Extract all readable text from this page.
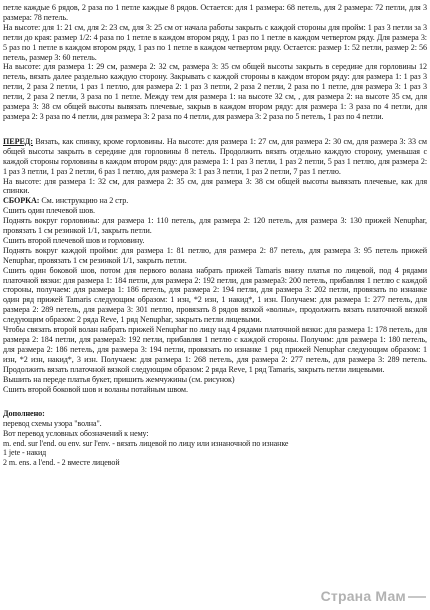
петле каждые 6 рядов, 2 раза по 1 петле каждые 8 рядов. Остается: для 1 размера: 68 петель, для 2 размера: 72 петли, для 3 размера: 78 петель.

На высоте: для 1: 21 см, для 2: 23 см, для 3: 25 см от начала работы закрыть с каждой стороны для пройм: 1 раз 3 петли за 3 петли до края: размер 1/2: 4 раза по 1 петле в каждом втором ряду, 1 раз по 1 петле в каждом четвертом ряду. Для размера 3: 5 раз по 1 петле в каждом втором ряду, 1 раз по 1 петле в каждом четвертом ряду. Остается: размер 1: 52 петли, размер 2: 56 петель, размер 3: 60 петель.

На высоте: для размера 1: 29 см, размера 2: 32 см, размера 3: 35 см общей высоты закрыть в середине для горловины 12 петель, вязать далее раздельно каждую сторону. Закрывать с каждой стороны в каждом втором ряду: для размера 1: 1 раз 3 петли, 2 раза 2 петли, 1 раз 1 петлю, для размера 2: 1 раз 3 петли, 2 раза 2 петли, 2 раза по 1 петле, для размера 3: 1 раз 3 петли, 2 раза 2 петли, 3 раза по 1 петле. Между тем для размера 1: на высоте 32 см, , для размера 2: на высоте 35 см, для размера 3: 38 см общей высоты вывязать плечевые, закрыв в каждом втором ряду: для размера 1: 3 раза по 4 петли, для размера 2: 3 раза по 4 петли, для размера 3: 2 раза по 4 петли, для размера 3: 2 раза по 5 петель, 1 раз по 4 петли.

ПЕРЕД: Вязать, как спинку, кроме горловины. На высоте: для размера 1: 27 см, для размера 2: 30 см, для размера 3: 33 см общей высоты закрыть в середине для горловины 8 петель. Продолжить вязать отдельно каждую сторону, уменьшая с каждой стороны горловины в каждом втором ряду: для размера 1: 1 раз 3 петли, 1 раз 2 петли, 5 раз 1 петлю, для размера 2: 1 раз 3 петли, 1 раз 2 петли, 6 раз 1 петлю, для размера 3: 1 раз 3 петли, 1 раз 2 петли, 7 раз 1 петлю.

На высоте: для размера 1: 32 см, для размера 2: 35 см, для размера 3: 38 см общей высоты вывязать плечевые, как для спинки.

СБОРКА: См. инструкцию на 2 стр.

Сшить один плечевой шов.

Поднять вокруг горловины: для размера 1: 110 петель, для размера 2: 120 петель, для размера 3: 130 прижей Nenuphar, провязать 1 см резинкой 1/1, закрыть петли.

Сшить второй плечевой шов и горловину.

Поднять вокруг каждой пройми: для размера 1: 81 петлю, для размера 2: 87 петель, для размера 3: 95 петель прижей Nenuphar, провязать 1 см резинкой 1/1, закрыть петли.

Сшить один боковой шов, потом для первого волана набрать прижей Tamaris внизу платья по лицевой, под 4 рядами платочной вязки: для размера 1: 184 петли, для размера 2: 192 петли, для размера3: 200 петель, прибавляя 1 петлю с каждой стороны, получаем: для размера 1: 186 петель, для размера 2: 194 петли, для размера 3: 202 петли, провязать по изнанке один ряд прижей Tamaris следующим образом: 1 изн, *2 изн, 1 накид*, 1 изн. Получаем: для размера 1: 277 петель, для размера 2: 289 петель, для размера 3: 301 петлю, провязать 8 рядов вязкой «волны», продолжить вязать платочной вязкой следующим образом: 2 ряда Reve, 1 ряд Nenuphar, закрыть петли лицевыми.

Чтобы связать второй волан набрать прижей Nenuphar по лицу над 4 рядами платочной вязки: для размера 1: 178 петель, для размера 2: 184 петли, для размера3: 192 петли, прибавляя 1 петлю с каждой стороны. Получим: для размера 1: 180 петель, для размера 2: 186 петель, для размера 3: 194 петли, провязать по изнанке 1 ряд прижей Nenuphar следующим образом: 1 изн, *2 изн, накид*, 3 изн. Получаем: для размера 1: 268 петель, для размера 2: 277 петель, для размера 3: 289 петель. Продолжить вязать платочной вязкой следующим образом: 2 ряда Reve, 1 ряд Tamaris, закрыть петли лицевыми.

Вышить на переде платья букет, пришить жемчужины (см. рисунок)

Сшить второй боковой шов и воланы потайным швом.

Дополнено:

перевод схемы узора "волна".

Вот перевод условных обозначений к нему:

m. end. sur l'end. ou env. sur l'env. - вязать лицевой по лицу или изнаночной по изнанке

1 jete - накид

2 m. ens. a l'end. - 2 вместе лицевой

Страна Мам
